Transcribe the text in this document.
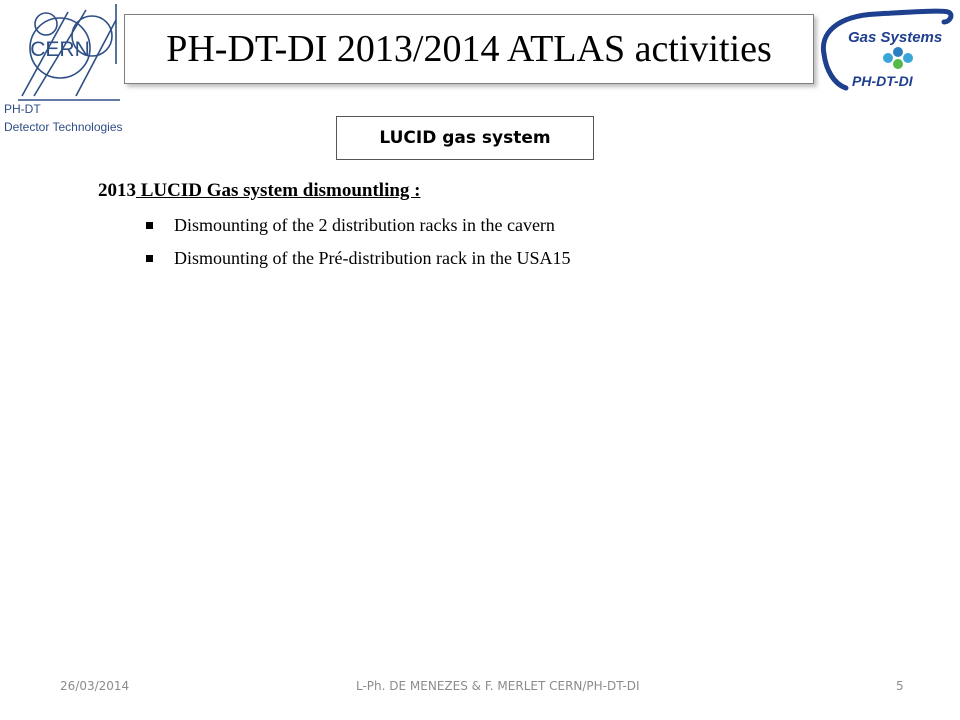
CERN
PH-DT
Detector Technologies
PH-DT-DI 2013/2014 ATLAS activities	Gas Systems
PH-DT-DI
LUCID gas system
2013 LUCID Gas system dismountling :
Dismounting of the 2 distribution racks in the cavern
Dismounting of the Pré-distribution rack in the USA15
26/03/2014	L-Ph. DE MENEZES & F. MERLET CERN/PH-DT-DI	5
